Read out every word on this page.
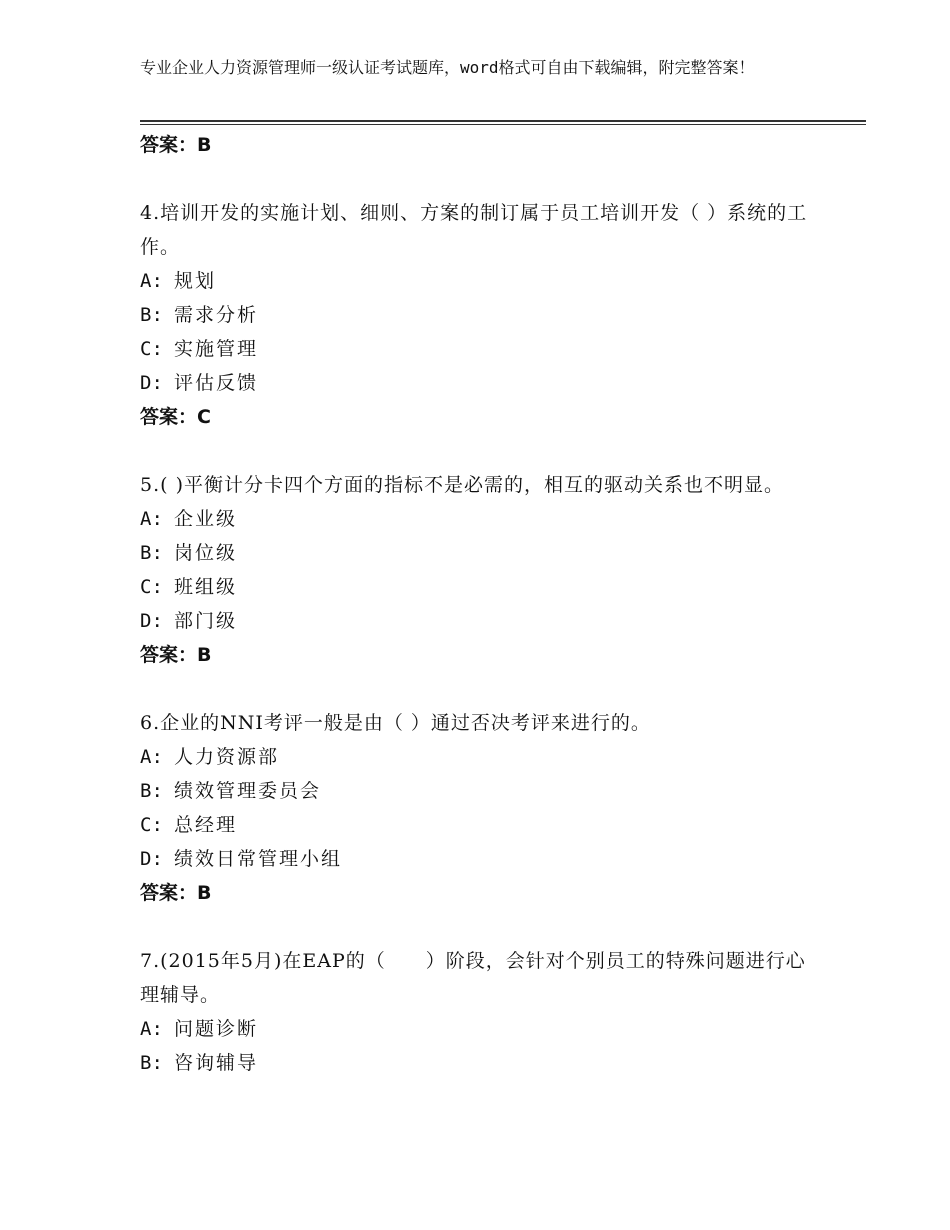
专业企业人力资源管理师一级认证考试题库，word格式可自由下载编辑，附完整答案！
答案：B
4.培训开发的实施计划、细则、方案的制订属于员工培训开发（ ）系统的工作。
A: 规划
B: 需求分析
C: 实施管理
D: 评估反馈
答案：C
5.( )平衡计分卡四个方面的指标不是必需的，相互的驱动关系也不明显。
A: 企业级
B: 岗位级
C: 班组级
D: 部门级
答案：B
6.企业的NNI考评一般是由（ ）通过否决考评来进行的。
A: 人力资源部
B: 绩效管理委员会
C: 总经理
D: 绩效日常管理小组
答案：B
7.(2015年5月)在EAP的（　　）阶段，会针对个别员工的特殊问题进行心理辅导。
A: 问题诊断
B: 咨询辅导
